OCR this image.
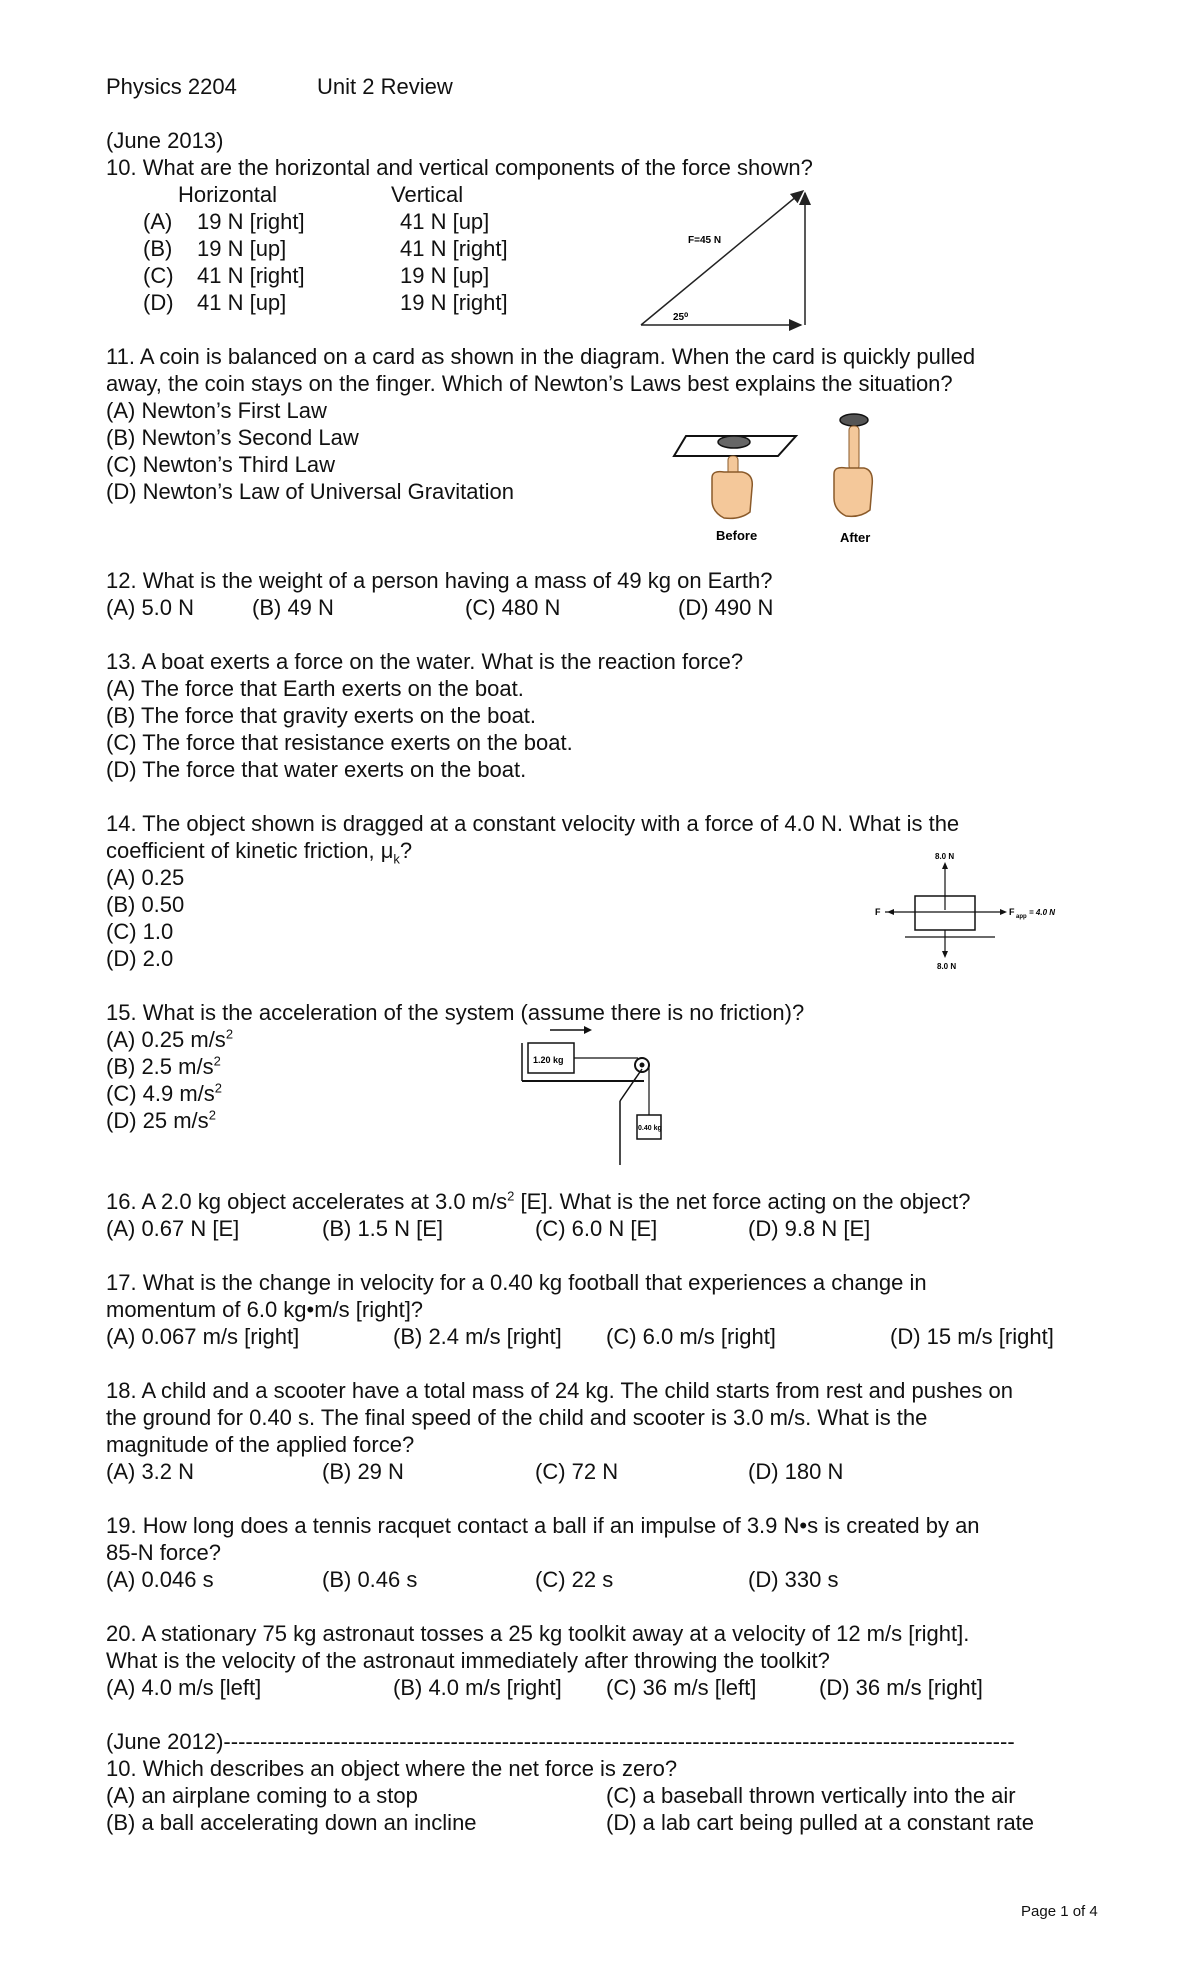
Physics 2204	Unit 2 Review
(June 2013)
10. What are the horizontal and vertical components of the force shown?
Horizontal	Vertical
(A) 19 N [right]	41 N [up]
(B) 19 N [up]	41 N [right]
(C) 41 N [right]	19 N [up]
(D) 41 N [up]	19 N [right]
F=45 N
25⁰
11. A coin is balanced on a card as shown in the diagram. When the card is quickly pulled
away, the coin stays on the finger. Which of Newton’s Laws best explains the situation?
(A) Newton’s First Law
(B) Newton’s Second Law
(C) Newton’s Third Law
(D) Newton’s Law of Universal Gravitation
Before	After
12. What is the weight of a person having a mass of 49 kg on Earth?
(A) 5.0 N	(B) 49 N	(C) 480 N	(D) 490 N
13. A boat exerts a force on the water. What is the reaction force?
(A) The force that Earth exerts on the boat.
(B) The force that gravity exerts on the boat.
(C) The force that resistance exerts on the boat.
(D) The force that water exerts on the boat.
14. The object shown is dragged at a constant velocity with a force of 4.0 N. What is the
coefficient of kinetic friction, $\mu_k$?
(A) 0.25
(B) 0.50
(C) 1.0
(D) 2.0
8.0 N
8.0 N
F	F app = 4.0 N
15. What is the acceleration of the system (assume there is no friction)?
(A) 0.25 $m/s^2$
(B) 2.5 $m/s^2$
(C) 4.9 $m/s^2$
(D) 25 $m/s^2$
1.20 kg
0.40 kg
16. A 2.0 kg object accelerates at 3.0 $m/s^2$ [E]. What is the net force acting on the object?
(A) 0.67 N [E]	(B) 1.5 N [E]	(C) 6.0 N [E]	(D) 9.8 N [E]
17. What is the change in velocity for a 0.40 kg football that experiences a change in
momentum of 6.0 kg•m/s [right]?
(A) 0.067 m/s [right]	(B) 2.4 m/s [right] (C) 6.0 m/s [right]	(D) 15 m/s [right]
18. A child and a scooter have a total mass of 24 kg. The child starts from rest and pushes on
the ground for 0.40 s. The final speed of the child and scooter is 3.0 m/s. What is the
magnitude of the applied force?
(A) 3.2 N	(B) 29 N	(C) 72 N	(D) 180 N
19. How long does a tennis racquet contact a ball if an impulse of 3.9 N•s is created by an
85-N force?
(A) 0.046 s	(B) 0.46 s	(C) 22 s	(D) 330 s
20. A stationary 75 kg astronaut tosses a 25 kg toolkit away at a velocity of 12 m/s [right].
What is the velocity of the astronaut immediately after throwing the toolkit?
(A) 4.0 m/s [left]	(B) 4.0 m/s [right] (C) 36 m/s [left]	(D) 36 m/s [right]
(June 2012)------------------------------------------------------------------------------------------------------------
10. Which describes an object where the net force is zero?
(A) an airplane coming to a stop	(C) a baseball thrown vertically into the air
(B) a ball accelerating down an incline	(D) a lab cart being pulled at a constant rate
Page 1 of 4
